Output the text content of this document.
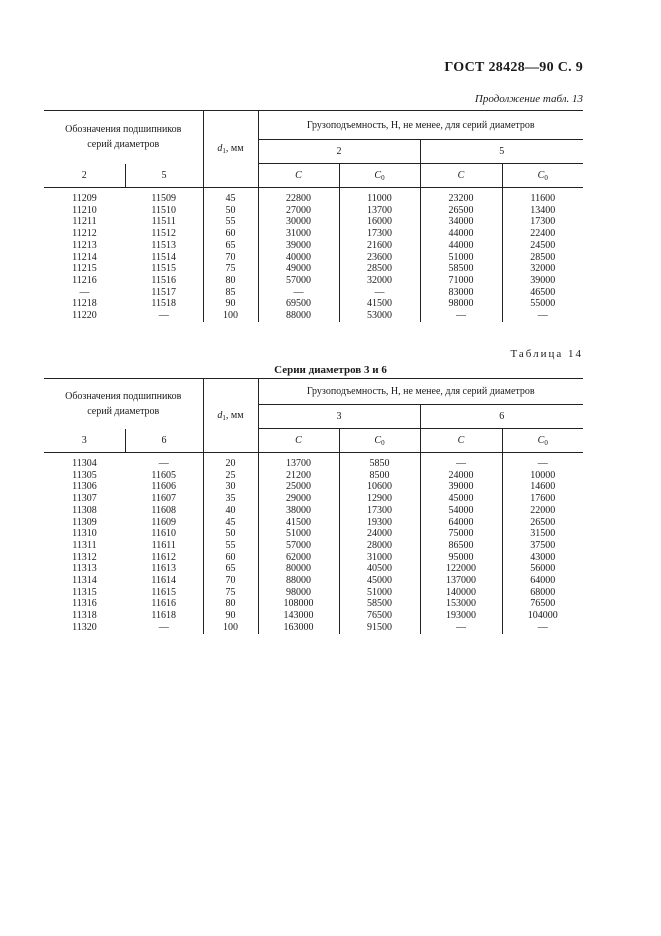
ГОСТ 28428—90 С. 9
Продолжение табл. 13
Обозначения подшипников
серий диаметров		$d_1$, мм	Грузоподъемность, Н, не менее, для серий диаметров			
			2		5	
2	5		C	$C_0$	C	$C_0$
11209	11509	45	22800	11000	23200	11600
11210	11510	50	27000	13700	26500	13400
11211	11511	55	30000	16000	34000	17300
11212	11512	60	31000	17300	44000	22400
11213	11513	65	39000	21600	44000	24500
11214	11514	70	40000	23600	51000	28500
11215	11515	75	49000	28500	58500	32000
11216	11516	80	57000	32000	71000	39000
—	11517	85	—	—	83000	46500
11218	11518	90	69500	41500	98000	55000
11220	—	100	88000	53000	—	—
Таблица 14
Серии диаметров 3 и 6
Обозначения подшипников
серий диаметров		$d_1$, мм	Грузоподъемность, Н, не менее, для серий диаметров			
			3		6	
3	6		C	$C_0$	C	$C_0$
11304	—	20	13700	5850	—	—
11305	11605	25	21200	8500	24000	10000
11306	11606	30	25000	10600	39000	14600
11307	11607	35	29000	12900	45000	17600
11308	11608	40	38000	17300	54000	22000
11309	11609	45	41500	19300	64000	26500
11310	11610	50	51000	24000	75000	31500
11311	11611	55	57000	28000	86500	37500
11312	11612	60	62000	31000	95000	43000
11313	11613	65	80000	40500	122000	56000
11314	11614	70	88000	45000	137000	64000
11315	11615	75	98000	51000	140000	68000
11316	11616	80	108000	58500	153000	76500
11318	11618	90	143000	76500	193000	104000
11320	—	100	163000	91500	—	—
